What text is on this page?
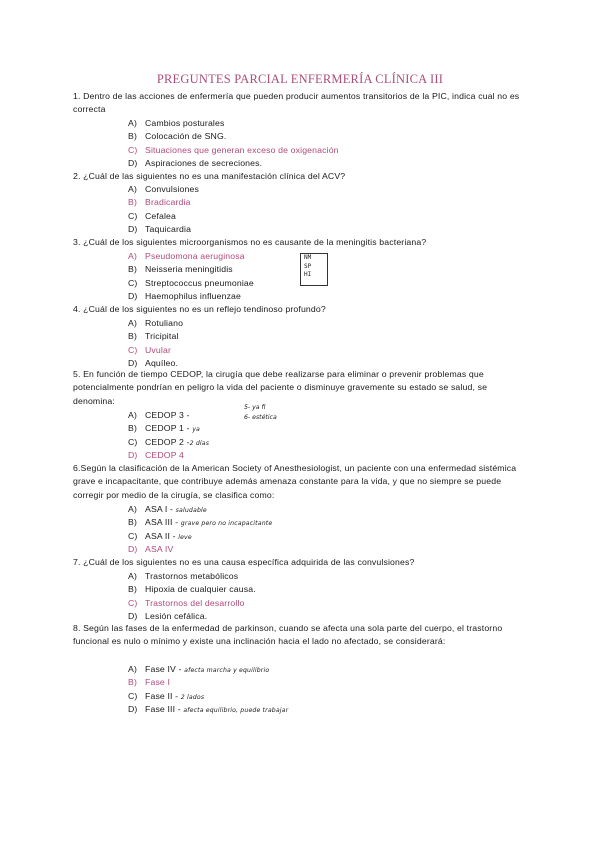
PREGUNTES PARCIAL ENFERMERÍA CLÍNICA III
1. Dentro de las acciones de enfermería que pueden producir aumentos transitorios de la PIC, indica cual no es correcta
A) Cambios posturales
B) Colocación de SNG.
C) Situaciones que generan exceso de oxigenación
D) Aspiraciones de secreciones.
2. ¿Cuál de las siguientes no es una manifestación clínica del ACV?
A) Convulsiones
B) Bradicardia
C) Cefalea
D) Taquicardia
3. ¿Cuál de los siguientes microorganismos no es causante de la meningitis bacteriana?
A) Pseudomona aeruginosa
B) Neisseria meningitidis
C) Streptococcus pneumoniae
D) Haemophilus influenzae
NM
SP
HI
4. ¿Cuál de los siguientes no es un reflejo tendinoso profundo?
A) Rotuliano
B) Tricipital
C) Uvular
D) Aquíleo.
5. En función de tiempo CEDOP, la cirugía que debe realizarse para eliminar o prevenir problemas que potencialmente pondrían en peligro la vida del paciente o disminuye gravemente su estado se salud, se denomina:
A) CEDOP 3 -
B) CEDOP 1 - ya
C) CEDOP 2 -2 días
D) CEDOP 4
5- ya fi
6- estética
6.Según la clasificación de la American Society of Anesthesiologist, un paciente con una enfermedad sistémica grave e incapacitante, que contribuye además amenaza constante para la vida, y que no siempre se puede corregir por medio de la cirugía, se clasifica como:
A) ASA I - saludable
B) ASA III - grave pero no incapacitante
C) ASA II - leve
D) ASA IV
7. ¿Cuál de los siguientes no es una causa específica adquirida de las convulsiones?
A) Trastornos metabólicos
B) Hipoxia de cualquier causa.
C) Trastornos del desarrollo
D) Lesión cefálica.
8. Según las fases de la enfermedad de parkinson, cuando se afecta una sola parte del cuerpo, el trastorno funcional es nulo o mínimo y existe una inclinación hacia el lado no afectado, se considerará:
A) Fase IV - afecta marcha y equilibrio
B) Fase I
C) Fase II - 2 lados
D) Fase III - afecta equilibrio, puede trabajar
